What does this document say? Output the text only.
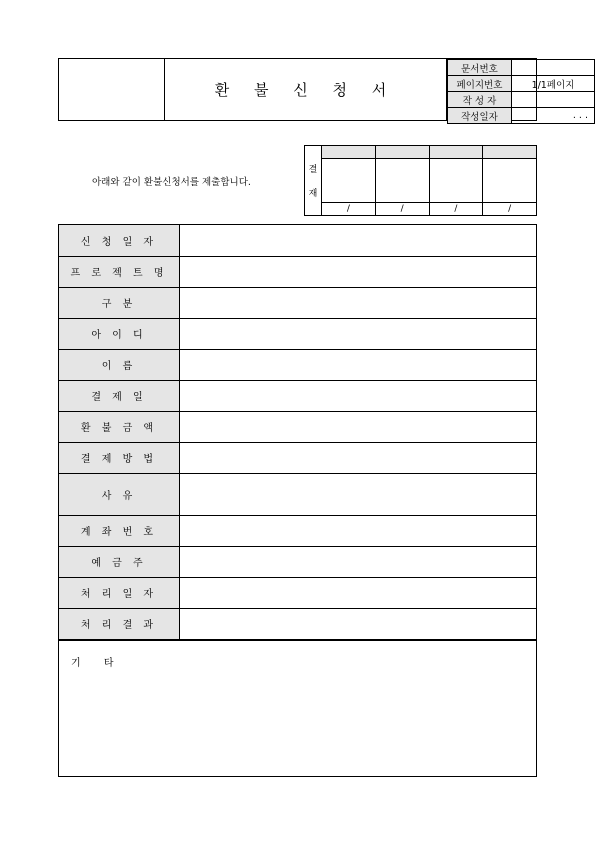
환 불 신 청 서
문서번호	
페이지번호	1/1페이지
작 성 자	
작성일자	. . .
아래와 같이 환불신청서를 제출합니다.
결
재
/	/	/	/
신 청 일 자	
프 로 젝 트 명	
구 분	
아 이 디	
이 름	
결 제 일	
환 불 금 액	
결 제 방 법	
사 유	
계 좌 번 호	
예 금 주	
처 리 일 자	
처 리 결 과	
기 타
